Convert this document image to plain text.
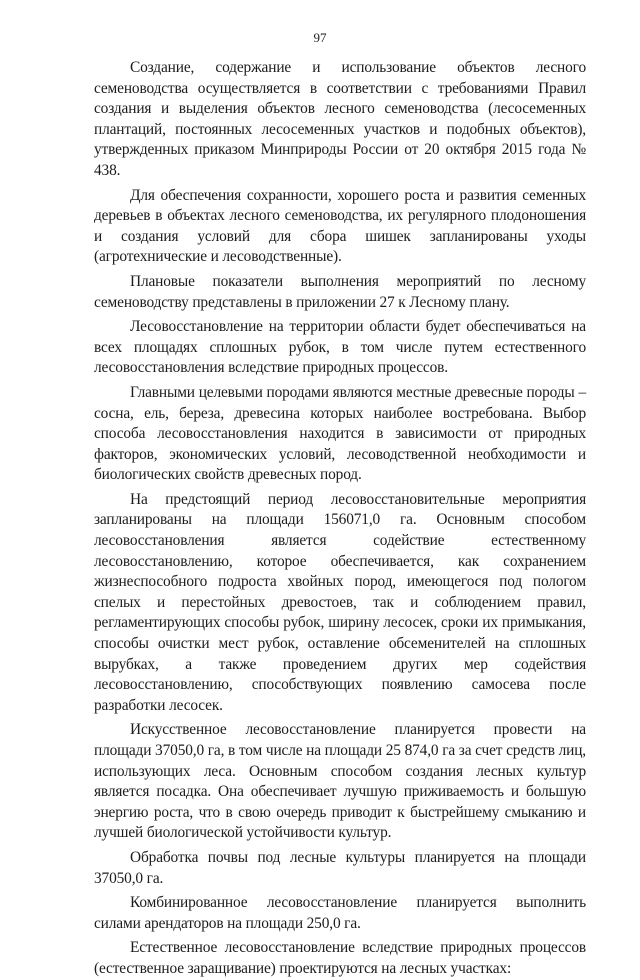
97

Создание, содержание и использование объектов лесного семеноводства осуществляется в соответствии с требованиями Правил создания и выделения объектов лесного семеноводства (лесосеменных плантаций, постоянных лесосеменных участков и подобных объектов), утвержденных приказом Минприроды России от 20 октября 2015 года № 438.

Для обеспечения сохранности, хорошего роста и развития семенных деревьев в объектах лесного семеноводства, их регулярного плодоношения и создания условий для сбора шишек запланированы уходы (агротехнические и лесоводственные).

Плановые показатели выполнения мероприятий по лесному семеноводству представлены в приложении 27 к Лесному плану.

Лесовосстановление на территории области будет обеспечиваться на всех площадях сплошных рубок, в том числе путем естественного лесовосстановления вследствие природных процессов.

Главными целевыми породами являются местные древесные породы – сосна, ель, береза, древесина которых наиболее востребована. Выбор способа лесовосстановления находится в зависимости от природных факторов, экономических условий, лесоводственной необходимости и биологических свойств древесных пород.

На предстоящий период лесовосстановительные мероприятия запланированы на площади 156071,0 га. Основным способом лесовосстановления является содействие естественному лесовосстановлению, которое обеспечивается, как сохранением жизнеспособного подроста хвойных пород, имеющегося под пологом спелых и перестойных древостоев, так и соблюдением правил, регламентирующих способы рубок, ширину лесосек, сроки их примыкания, способы очистки мест рубок, оставление обсеменителей на сплошных вырубках, а также проведением других мер содействия лесовосстановлению, способствующих появлению самосева после разработки лесосек.

Искусственное лесовосстановление планируется провести на площади 37050,0 га, в том числе на площади 25 874,0 га за счет средств лиц, использующих леса. Основным способом создания лесных культур является посадка. Она обеспечивает лучшую приживаемость и большую энергию роста, что в свою очередь приводит к быстрейшему смыканию и лучшей биологической устойчивости культур.

Обработка почвы под лесные культуры планируется на площади 37050,0 га.

Комбинированное лесовосстановление планируется выполнить силами арендаторов на площади 250,0 га.

Естественное лесовосстановление вследствие природных процессов (естественное заращивание) проектируются на лесных участках:
